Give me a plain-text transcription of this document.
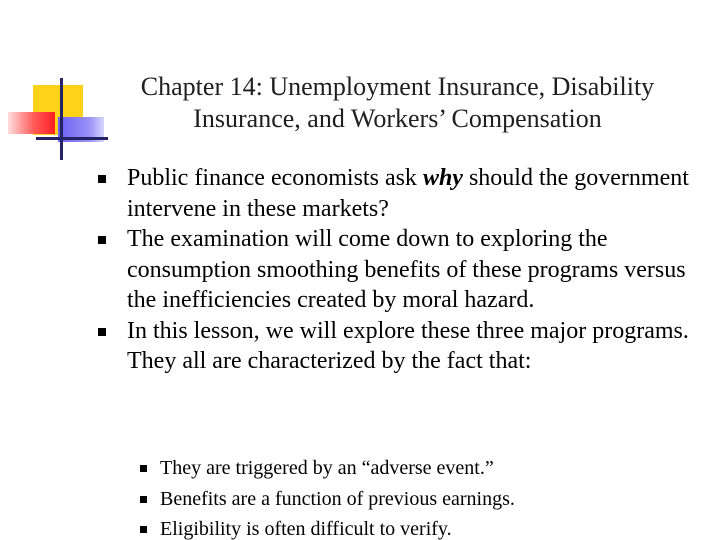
Chapter 14: Unemployment Insurance, Disability Insurance, and Workers’ Compensation
Public finance economists ask why should the government intervene in these markets?
The examination will come down to exploring the consumption smoothing benefits of these programs versus the inefficiencies created by moral hazard.
In this lesson, we will explore these three major programs. They all are characterized by the fact that:
They are triggered by an “adverse event.”
Benefits are a function of previous earnings.
Eligibility is often difficult to verify.
